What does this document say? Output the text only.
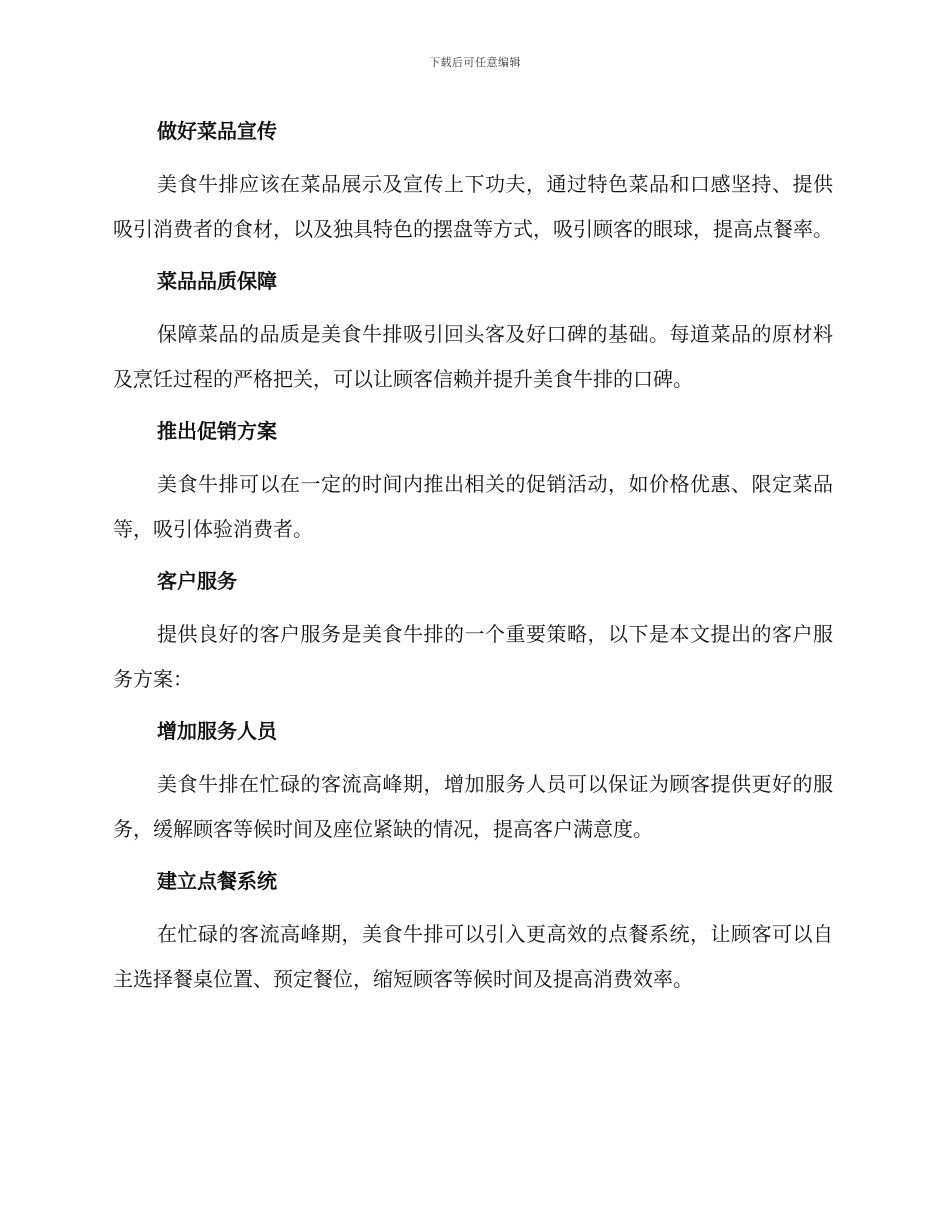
下载后可任意编辑
做好菜品宣传

美食牛排应该在菜品展示及宣传上下功夫，通过特色菜品和口感坚持、提供吸引消费者的食材，以及独具特色的摆盘等方式，吸引顾客的眼球，提高点餐率。

菜品品质保障

保障菜品的品质是美食牛排吸引回头客及好口碑的基础。每道菜品的原材料及烹饪过程的严格把关，可以让顾客信赖并提升美食牛排的口碑。

推出促销方案

美食牛排可以在一定的时间内推出相关的促销活动，如价格优惠、限定菜品等，吸引体验消费者。

客户服务

提供良好的客户服务是美食牛排的一个重要策略，以下是本文提出的客户服务方案：

增加服务人员

美食牛排在忙碌的客流高峰期，增加服务人员可以保证为顾客提供更好的服务，缓解顾客等候时间及座位紧缺的情况，提高客户满意度。

建立点餐系统

在忙碌的客流高峰期，美食牛排可以引入更高效的点餐系统，让顾客可以自主选择餐桌位置、预定餐位，缩短顾客等候时间及提高消费效率。
